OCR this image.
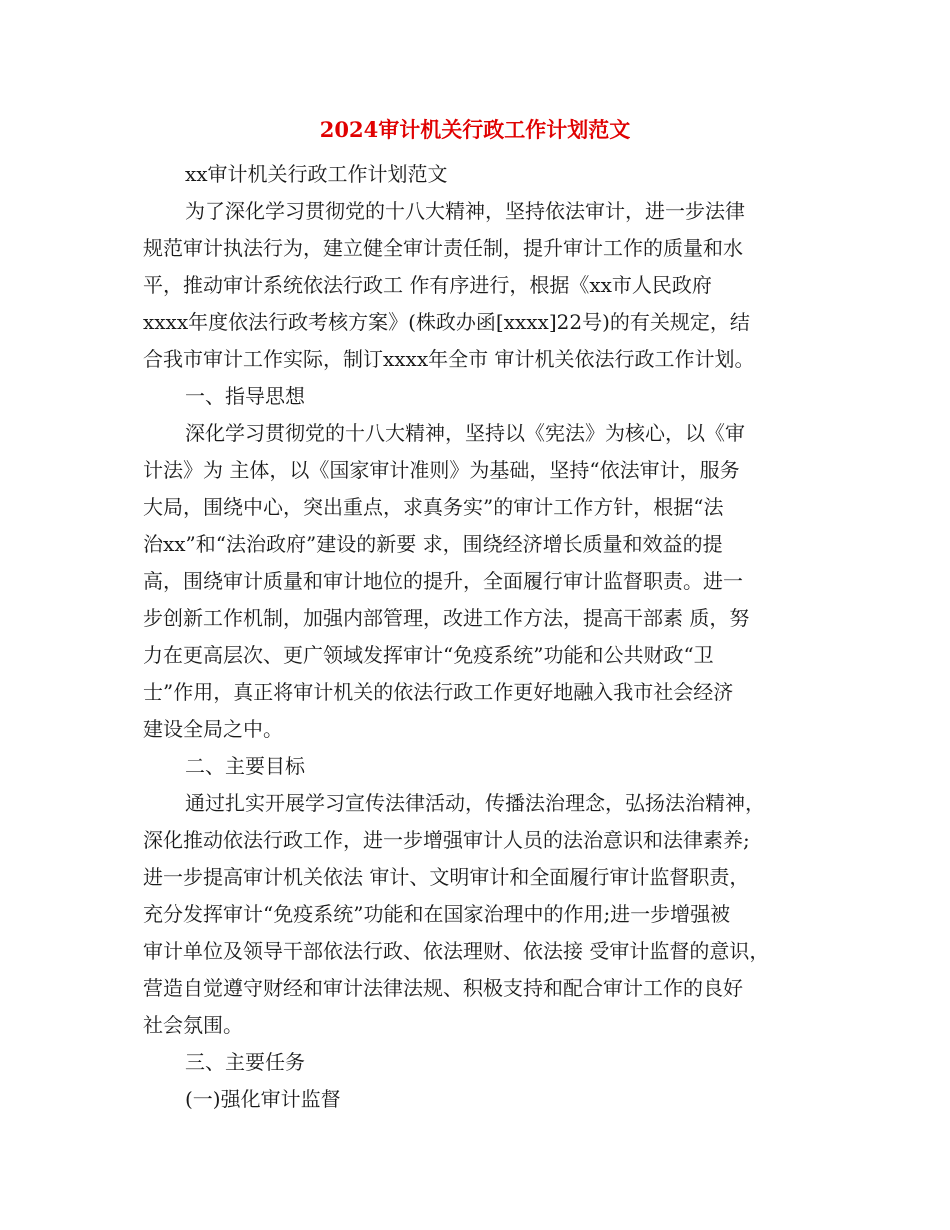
2024审计机关行政工作计划范文

xx审计机关行政工作计划范文

为了深化学习贯彻党的十八大精神，坚持依法审计，进一步法律
规范审计执法行为，建立健全审计责任制，提升审计工作的质量和水
平，推动审计系统依法行政工 作有序进行，根据《xx市人民政府
xxxx年度依法行政考核方案》(株政办函[xxxx]22号)的有关规定，结
合我市审计工作实际，制订xxxx年全市 审计机关依法行政工作计划。

一、指导思想

深化学习贯彻党的十八大精神，坚持以《宪法》为核心，以《审
计法》为 主体，以《国家审计准则》为基础，坚持“依法审计，服务
大局，围绕中心，突出重点，求真务实”的审计工作方针，根据“法
治xx”和“法治政府”建设的新要 求，围绕经济增长质量和效益的提
高，围绕审计质量和审计地位的提升，全面履行审计监督职责。进一
步创新工作机制，加强内部管理，改进工作方法，提高干部素 质，努
力在更高层次、更广领域发挥审计“免疫系统”功能和公共财政“卫
士”作用，真正将审计机关的依法行政工作更好地融入我市社会经济
建设全局之中。

二、主要目标

通过扎实开展学习宣传法律活动，传播法治理念，弘扬法治精神，
深化推动依法行政工作，进一步增强审计人员的法治意识和法律素养;
进一步提高审计机关依法 审计、文明审计和全面履行审计监督职责，
充分发挥审计“免疫系统”功能和在国家治理中的作用;进一步增强被
审计单位及领导干部依法行政、依法理财、依法接 受审计监督的意识，
营造自觉遵守财经和审计法律法规、积极支持和配合审计工作的良好
社会氛围。

三、主要任务

(一)强化审计监督
